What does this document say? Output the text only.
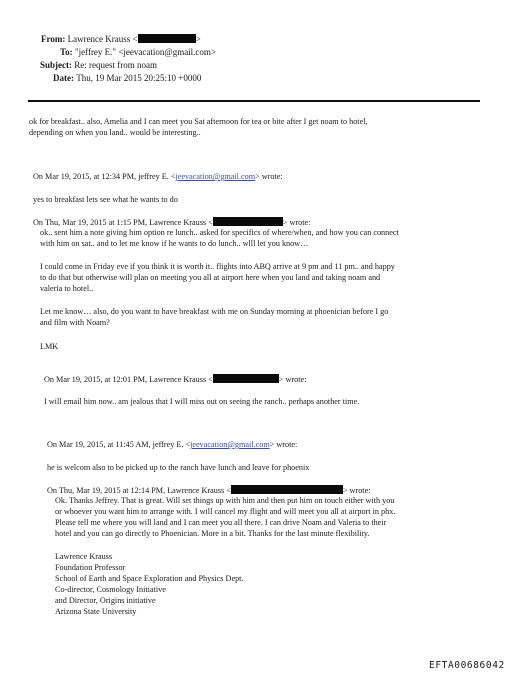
From: Lawrence Krauss <	>
To: "jeffrey E." <jeevacation@gmail.com>
Subject: Re: request from noam
Date: Thu, 19 Mar 2015 20:25:10 +0000
ok for breakfast.. also, Amelia and I can meet you Sat afternoon for tea or bite after I get noam to hotel,
depending on when you land.. would be interesting..
On Mar 19, 2015, at 12:34 PM, jeffrey E. <jeevacation@gmail.com> wrote:
yes to breakfast lets see what he wants to do
On Thu, Mar 19, 2015 at 1:15 PM, Lawrence Krauss <	> wrote:
ok.. sent him a note giving him option re lunch.. asked for specifics of where/when, and how you can connect
with him on sat.. and to let me know if he wants to do lunch.. wlll let you know…
I could come in Friday eve if you think it is worth it.. flights into ABQ arrive at 9 pm and 11 pm.. and happy
to do that but otherwise will plan on meeting you all at airport here when you land and taking noam and
valeria to hotel..
Let me know… also, do you want to have breakfast with me on Sunday morning at phoenician before I go
and film with Noam?
LMK
On Mar 19, 2015, at 12:01 PM, Lawrence Krauss <	> wrote:
I will email him now.. am jealous that I will miss out on seeing the ranch.. perhaps another time.
On Mar 19, 2015, at 11:45 AM, jeffrey E. <jeevacation@gmail.com> wrote:
he is welcom also to be picked up to the ranch have lunch and leave for phoenix
On Thu, Mar 19, 2015 at 12:14 PM, Lawrence Krauss <	> wrote:
Ok. Thanks Jeffrey. That is great. Will set things up with him and then put him on touch either with you
or whoever you want him to arrange with. I will cancel my flight and will meet you all at airport in phx.
Please tell me where you will land and I can meet you all there. I can drive Noam and Valeria to their
hotel and you can go directly to Phoenician. More in a bit. Thanks for the last minute flexibility.
Lawrence Krauss
Foundation Professor
School of Earth and Space Exploration and Physics Dept.
Co-director, Cosmology Initiative
and Director, Origins initiative
Arizona State University
EFTA00686042
